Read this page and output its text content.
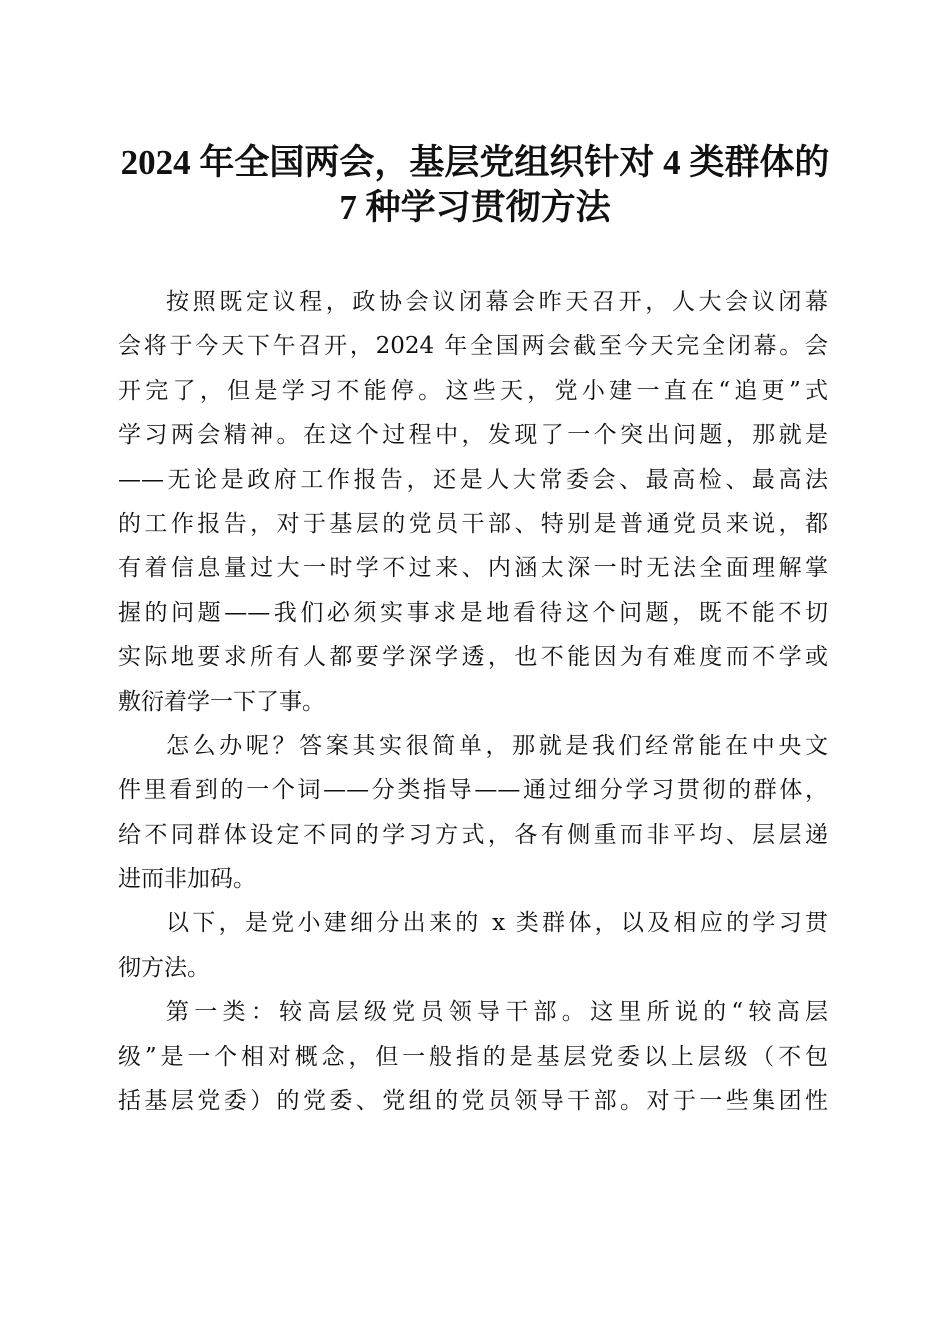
2024 年全国两会，基层党组织针对 4 类群体的
7 种学习贯彻方法
按照既定议程，政协会议闭幕会昨天召开，人大会议闭幕
会将于今天下午召开，2024 年全国两会截至今天完全闭幕。会
开完了，但是学习不能停。这些天，党小建一直在“追更”式
学习两会精神。在这个过程中，发现了一个突出问题，那就是
——无论是政府工作报告，还是人大常委会、最高检、最高法
的工作报告，对于基层的党员干部、特别是普通党员来说，都
有着信息量过大一时学不过来、内涵太深一时无法全面理解掌
握的问题——我们必须实事求是地看待这个问题，既不能不切
实际地要求所有人都要学深学透，也不能因为有难度而不学或
敷衍着学一下了事。
怎么办呢？答案其实很简单，那就是我们经常能在中央文
件里看到的一个词——分类指导——通过细分学习贯彻的群体，
给不同群体设定不同的学习方式，各有侧重而非平均、层层递
进而非加码。
以下，是党小建细分出来的 x 类群体，以及相应的学习贯
彻方法。
第一类：较高层级党员领导干部。这里所说的“较高层
级”是一个相对概念，但一般指的是基层党委以上层级（不包
括基层党委）的党委、党组的党员领导干部。对于一些集团性
